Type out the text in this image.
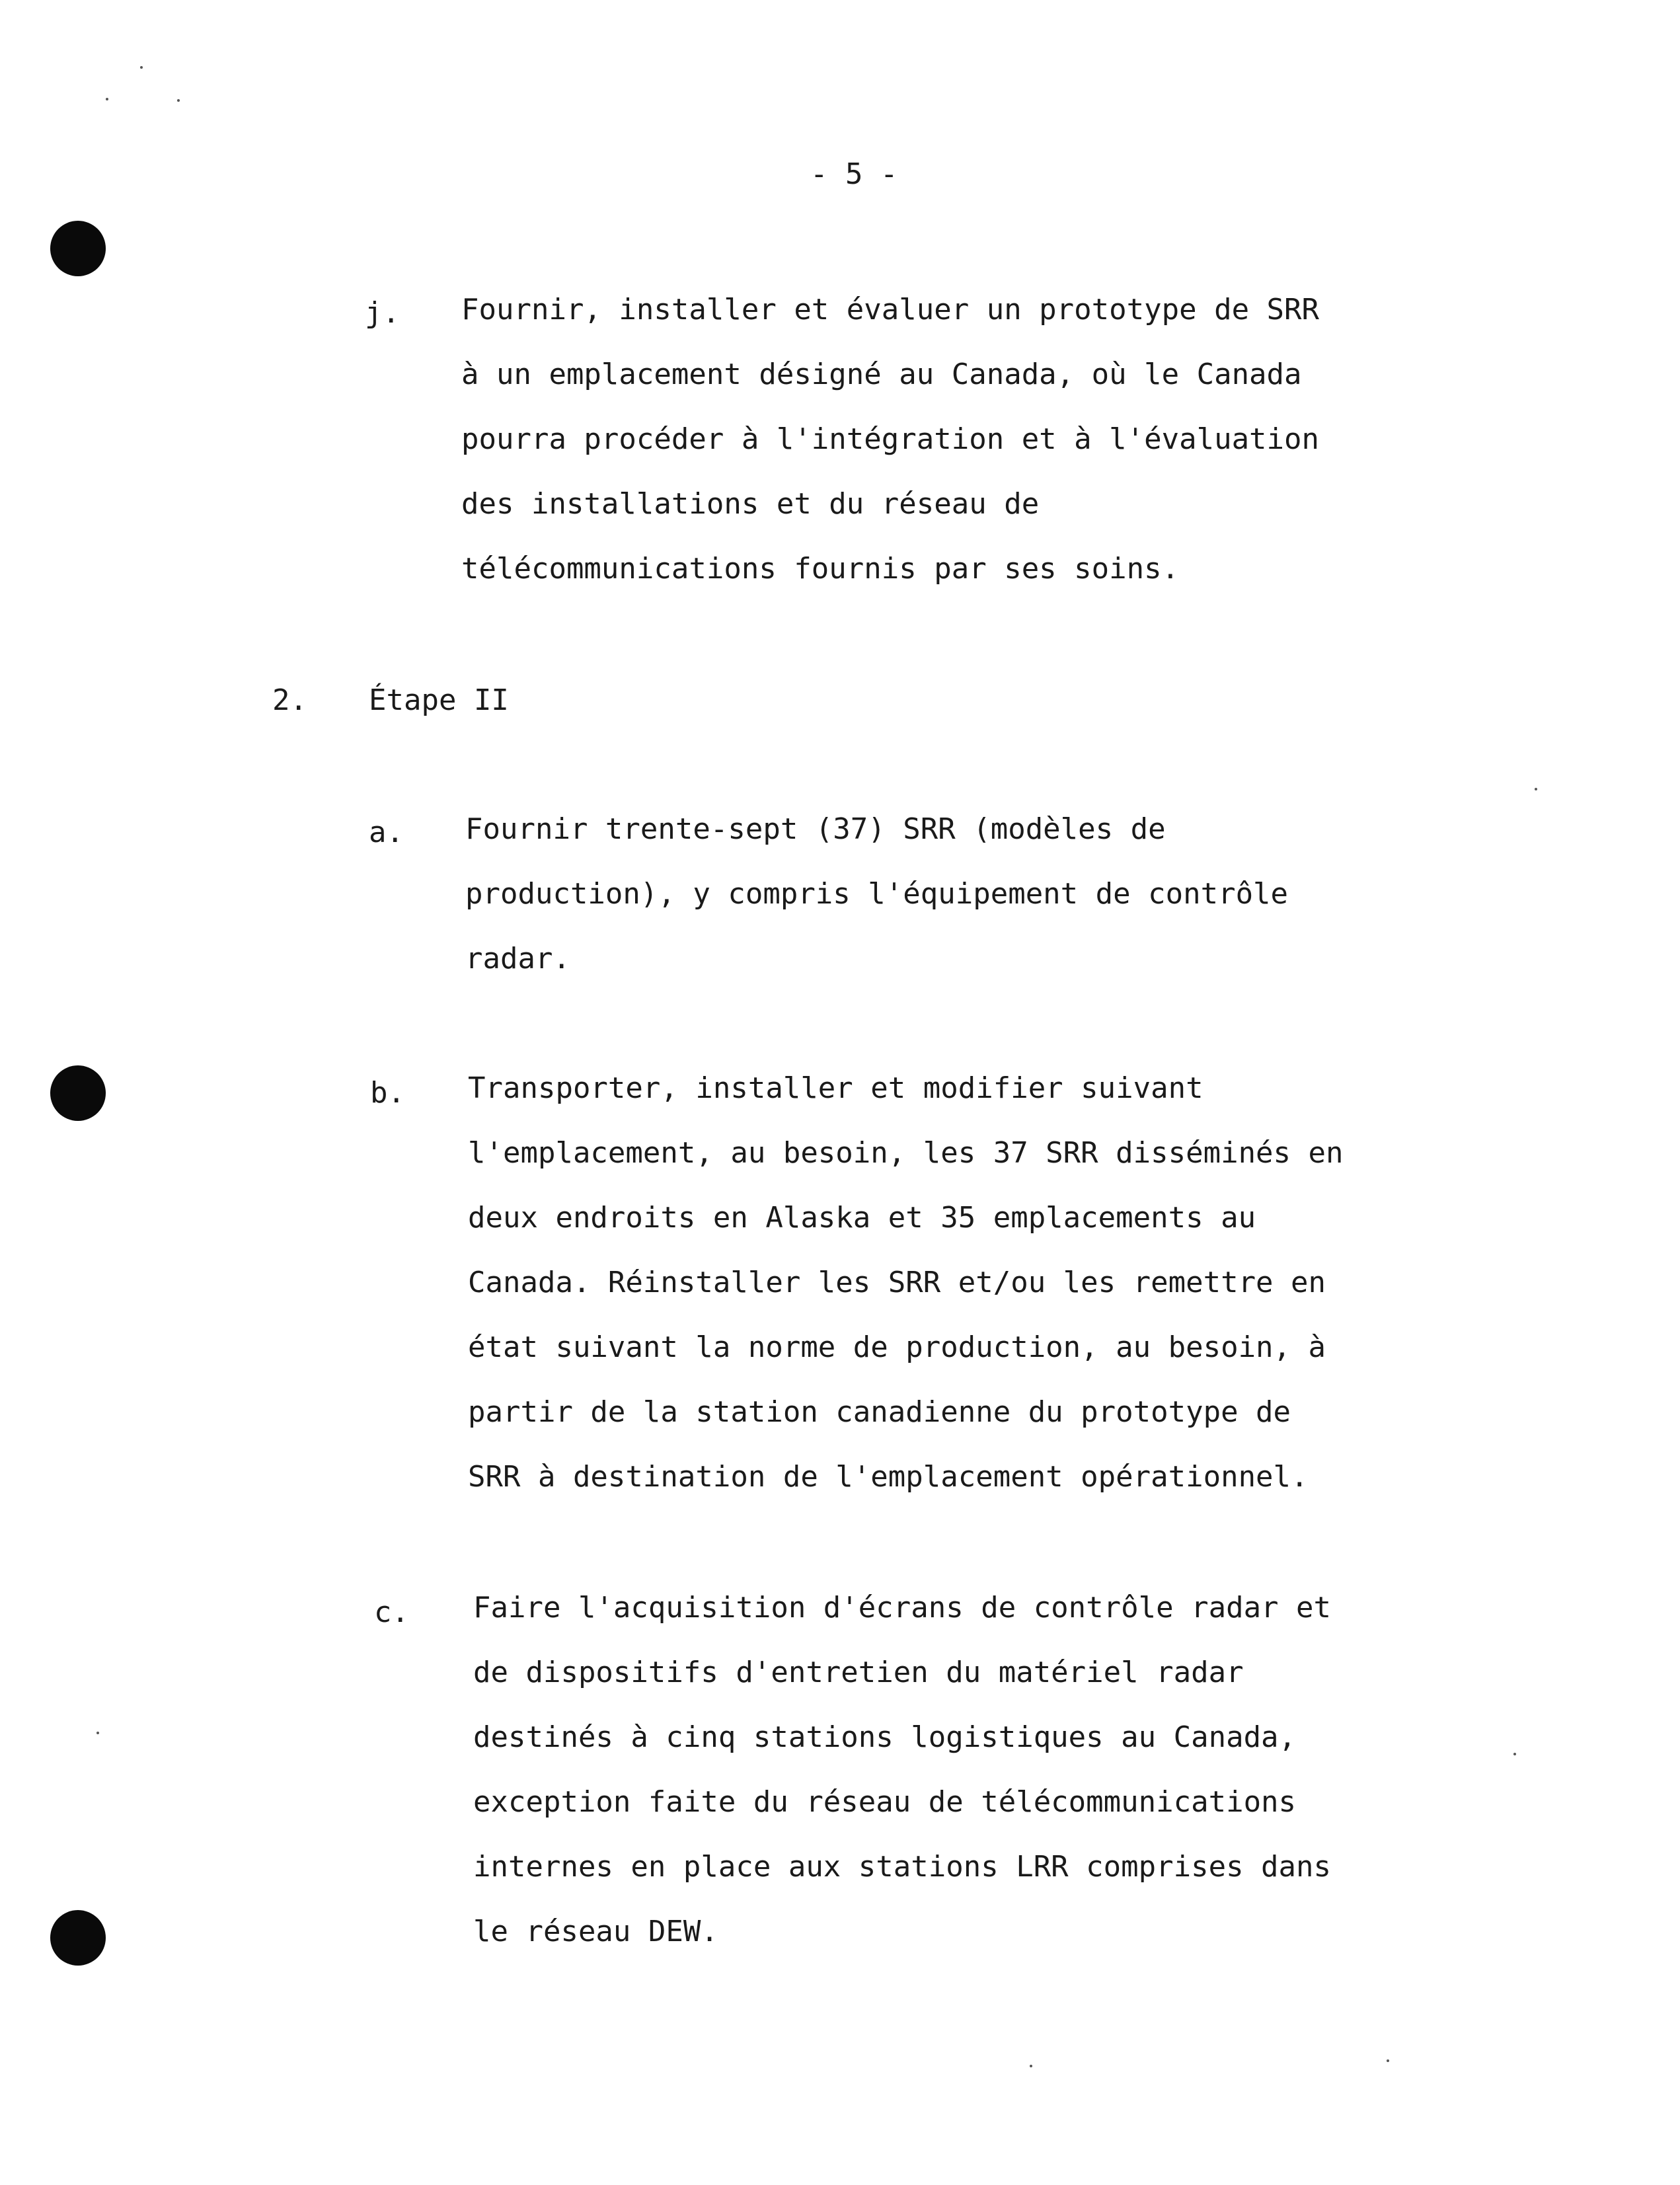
- 5 -
j. Fournir, installer et évaluer un prototype de SRR
à un emplacement désigné au Canada, où le Canada
pourra procéder à l'intégration et à l'évaluation
des installations et du réseau de
télécommunications fournis par ses soins.
2. Étape II
a. Fournir trente-sept (37) SRR (modèles de
production), y compris l'équipement de contrôle
radar.
b. Transporter, installer et modifier suivant
l'emplacement, au besoin, les 37 SRR disséminés en
deux endroits en Alaska et 35 emplacements au
Canada. Réinstaller les SRR et/ou les remettre en
état suivant la norme de production, au besoin, à
partir de la station canadienne du prototype de
SRR à destination de l'emplacement opérationnel.
c. Faire l'acquisition d'écrans de contrôle radar et
de dispositifs d'entretien du matériel radar
destinés à cinq stations logistiques au Canada,
exception faite du réseau de télécommunications
internes en place aux stations LRR comprises dans
le réseau DEW.
